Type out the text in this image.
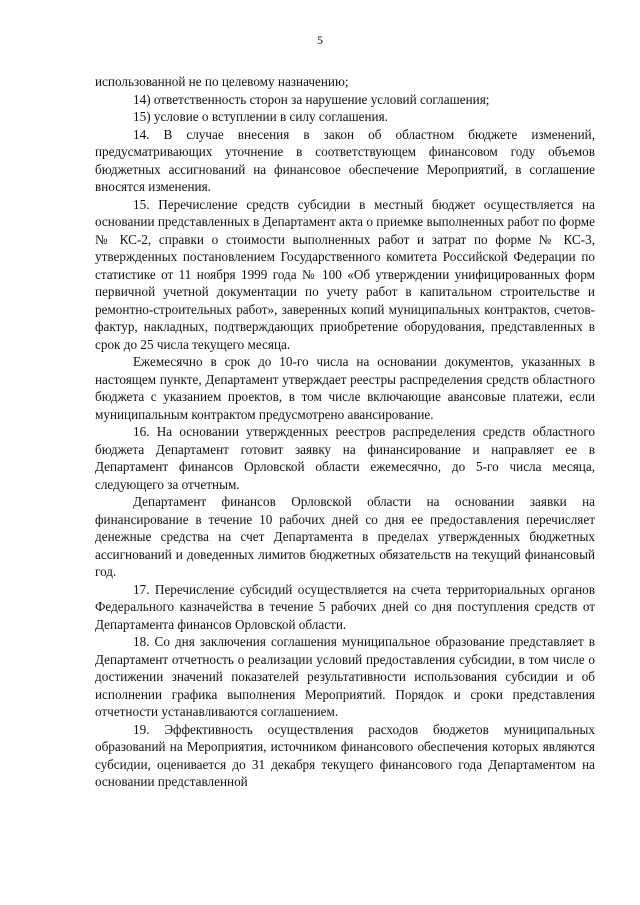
5

использованной не по целевому назначению;

14) ответственность сторон за нарушение условий соглашения;

15) условие о вступлении в силу соглашения.

14. В случае внесения в закон об областном бюджете изменений, предусматривающих уточнение в соответствующем финансовом году объемов бюджетных ассигнований на финансовое обеспечение Мероприятий, в соглашение вносятся изменения.

15. Перечисление средств субсидии в местный бюджет осуществляется на основании представленных в Департамент акта о приемке выполненных работ по форме № КС-2, справки о стоимости выполненных работ и затрат по форме № КС-3, утвержденных постановлением Государственного комитета Российской Федерации по статистике от 11 ноября 1999 года № 100 «Об утверждении унифицированных форм первичной учетной документации по учету работ в капитальном строительстве и ремонтно-строительных работ», заверенных копий муниципальных контрактов, счетов-фактур, накладных, подтверждающих приобретение оборудования, представленных в срок до 25 числа текущего месяца.

Ежемесячно в срок до 10-го числа на основании документов, указанных в настоящем пункте, Департамент утверждает реестры распределения средств областного бюджета с указанием проектов, в том числе включающие авансовые платежи, если муниципальным контрактом предусмотрено авансирование.

16. На основании утвержденных реестров распределения средств областного бюджета Департамент готовит заявку на финансирование и направляет ее в Департамент финансов Орловской области ежемесячно, до 5-го числа месяца, следующего за отчетным.

Департамент финансов Орловской области на основании заявки на финансирование в течение 10 рабочих дней со дня ее предоставления перечисляет денежные средства на счет Департамента в пределах утвержденных бюджетных ассигнований и доведенных лимитов бюджетных обязательств на текущий финансовый год.

17. Перечисление субсидий осуществляется на счета территориальных органов Федерального казначейства в течение 5 рабочих дней со дня поступления средств от Департамента финансов Орловской области.

18. Со дня заключения соглашения муниципальное образование представляет в Департамент отчетность о реализации условий предоставления субсидии, в том числе о достижении значений показателей результативности использования субсидии и об исполнении графика выполнения Мероприятий. Порядок и сроки представления отчетности устанавливаются соглашением.

19. Эффективность осуществления расходов бюджетов муниципальных образований на Мероприятия, источником финансового обеспечения которых являются субсидии, оценивается до 31 декабря текущего финансового года Департаментом на основании представленной
